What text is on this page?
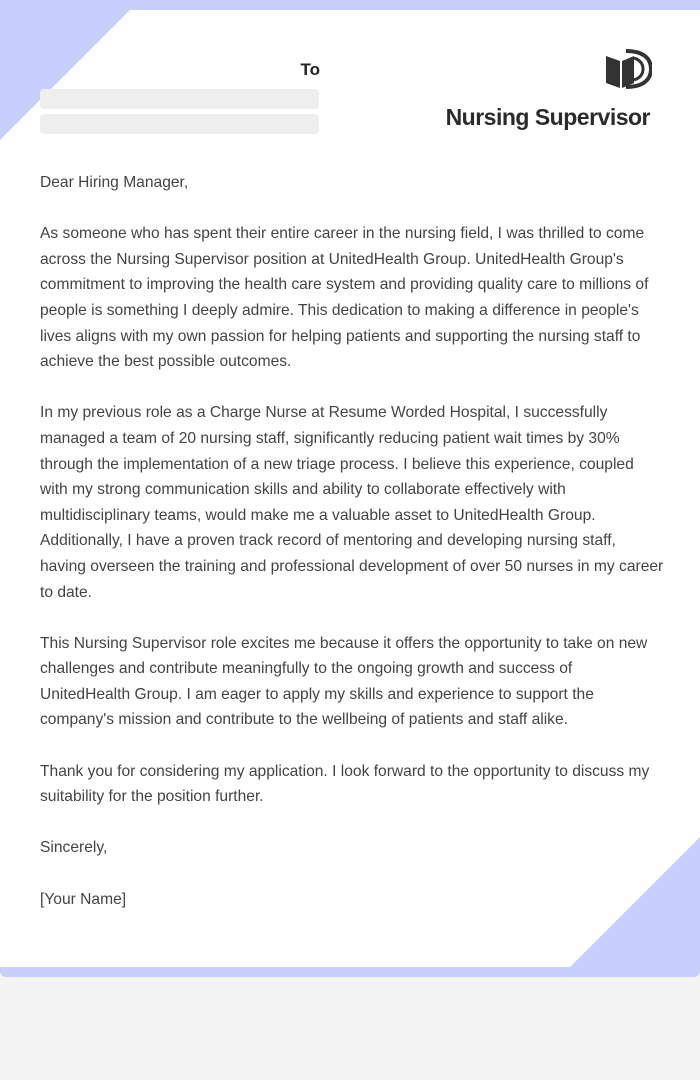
To
Nursing Supervisor

Dear Hiring Manager,

As someone who has spent their entire career in the nursing field, I was thrilled to come across the Nursing Supervisor position at UnitedHealth Group. UnitedHealth Group's commitment to improving the health care system and providing quality care to millions of people is something I deeply admire. This dedication to making a difference in people's lives aligns with my own passion for helping patients and supporting the nursing staff to achieve the best possible outcomes.

In my previous role as a Charge Nurse at Resume Worded Hospital, I successfully managed a team of 20 nursing staff, significantly reducing patient wait times by 30% through the implementation of a new triage process. I believe this experience, coupled with my strong communication skills and ability to collaborate effectively with multidisciplinary teams, would make me a valuable asset to UnitedHealth Group. Additionally, I have a proven track record of mentoring and developing nursing staff, having overseen the training and professional development of over 50 nurses in my career to date.

This Nursing Supervisor role excites me because it offers the opportunity to take on new challenges and contribute meaningfully to the ongoing growth and success of UnitedHealth Group. I am eager to apply my skills and experience to support the company's mission and contribute to the wellbeing of patients and staff alike.

Thank you for considering my application. I look forward to the opportunity to discuss my suitability for the position further.

Sincerely,

[Your Name]
